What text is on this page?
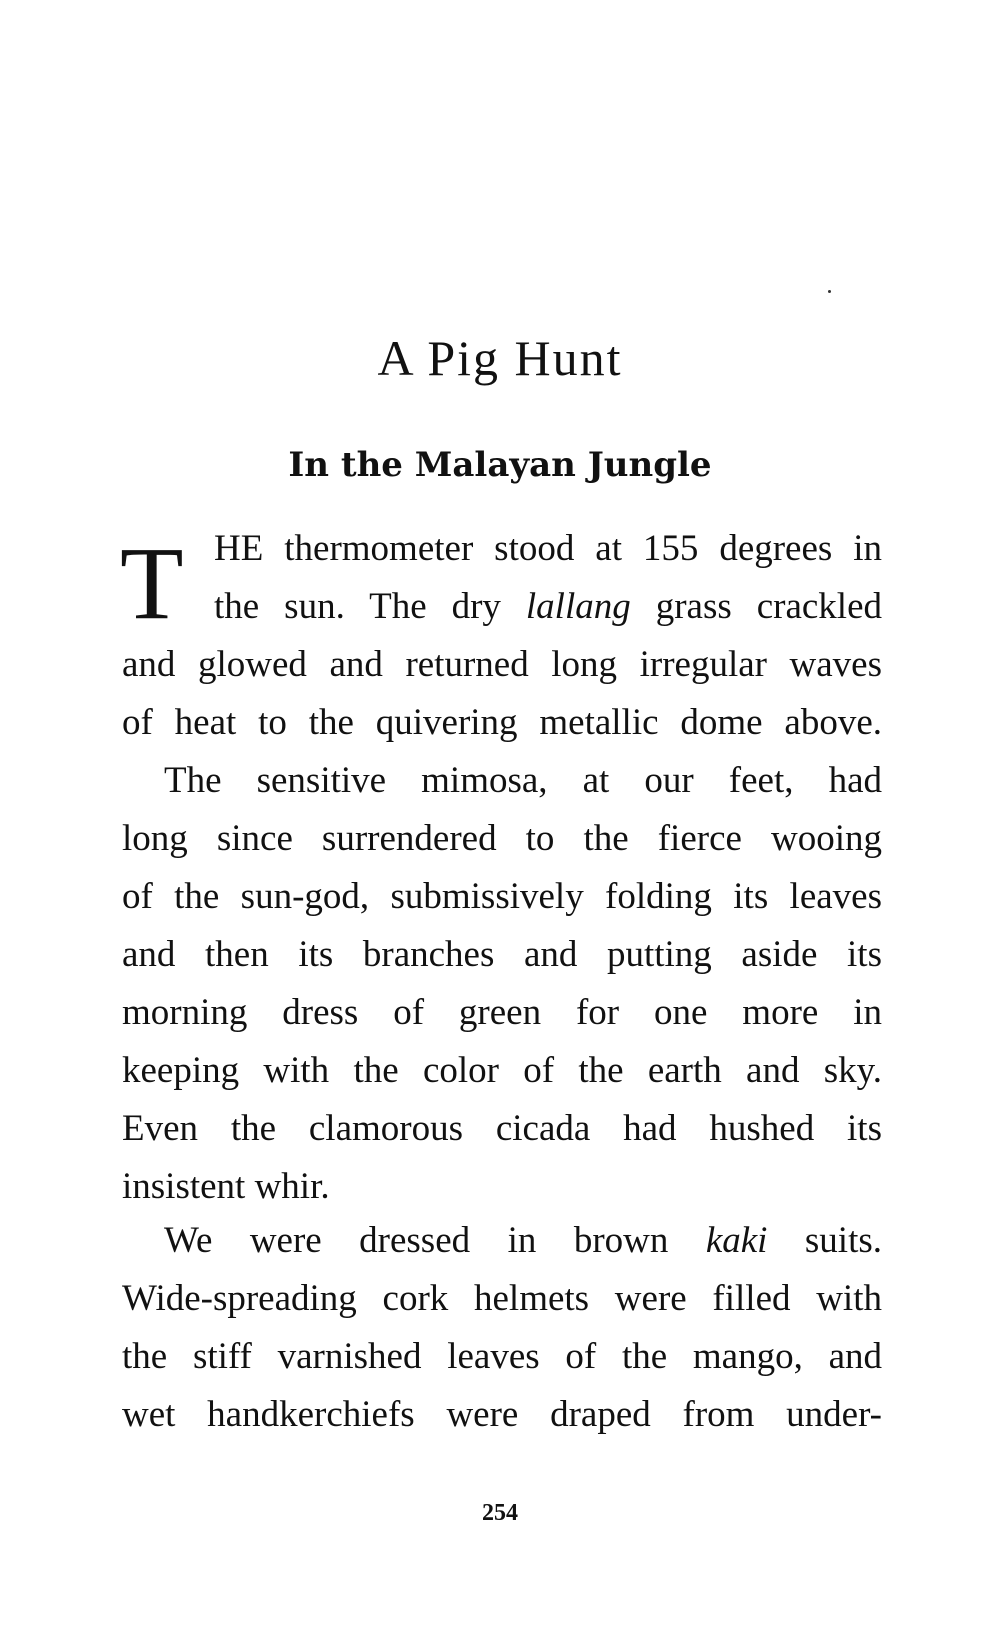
A Pig Hunt
In the Malayan Jungle
T HE thermometer stood at 155 degrees in
the sun. The dry lallang grass crackled
and glowed and returned long irregular waves
of heat to the quivering metallic dome above.
The sensitive mimosa, at our feet, had
long since surrendered to the fierce wooing
of the sun-god, submissively folding its leaves
and then its branches and putting aside its
morning dress of green for one more in
keeping with the color of the earth and sky.
Even the clamorous cicada had hushed its
insistent whir.
We were dressed in brown kaki suits.
Wide-spreading cork helmets were filled with
the stiff varnished leaves of the mango, and
wet handkerchiefs were draped from under-
254
